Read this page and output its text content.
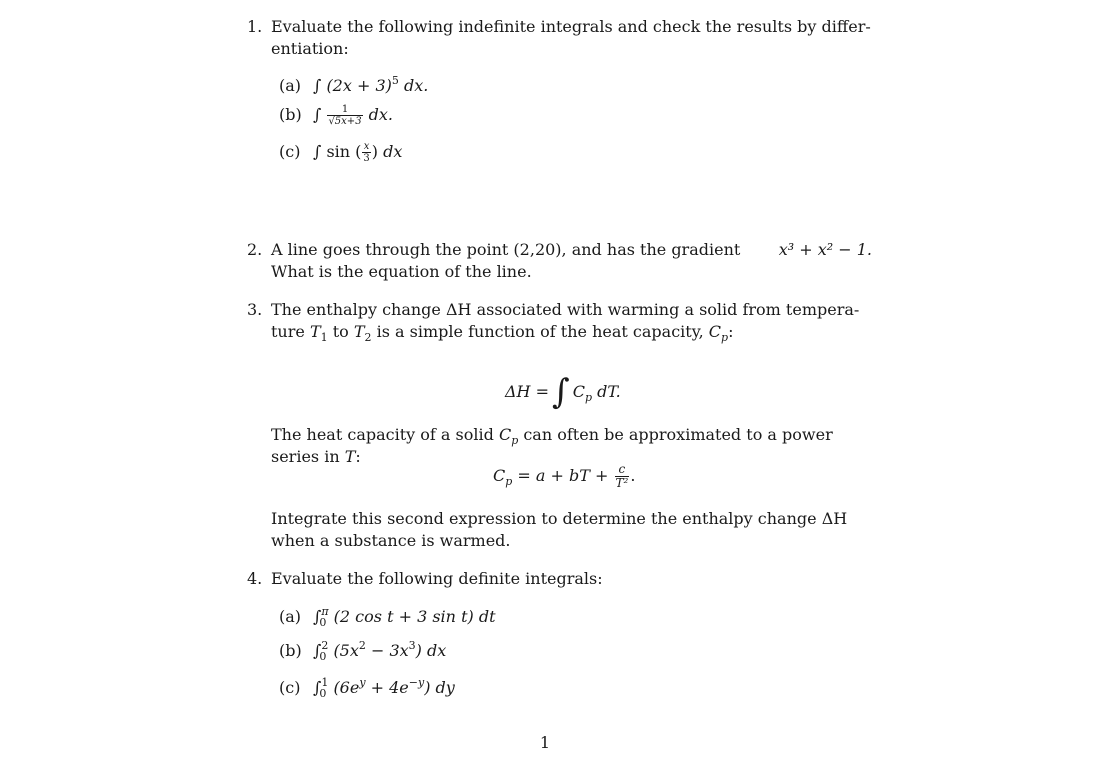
1. Evaluate the following indefinite integrals and check the results by differ-
entiation:
(a) ∫ $(2x + 3)^5$ dx.
(b) ∫ $\frac{1}{√5x+3}$ dx.
(c) ∫ sin ( $\frac{x}{3}$ ) dx
2. A line goes through the point (2,20), and has the gradient x³ + x² − 1.
What is the equation of the line.
3. The enthalpy change ΔH associated with warming a solid from tempera-
ture $T_1$ to $T_2$ is a simple function of the heat capacity, $C_p$:
ΔH =∫ $C_p$ dT.
The heat capacity of a solid $C_p$ can often be approximated to a power
series in T:
$C_p = a$ + bT + $\frac{c}{\text{T²}}$ .
Integrate this second expression to determine the enthalpy change ΔH
when a substance is warmed.
4. Evaluate the following definite integrals:
(a) $\int_0^\pi$ (2 cos t + 3 sin t) dt
(b) $\int_0^2$ $(5x^2 - 3x^3)$ dx
(c) $\int_0^1$ $(6e^y + 4e^{-y})$ dy
1
